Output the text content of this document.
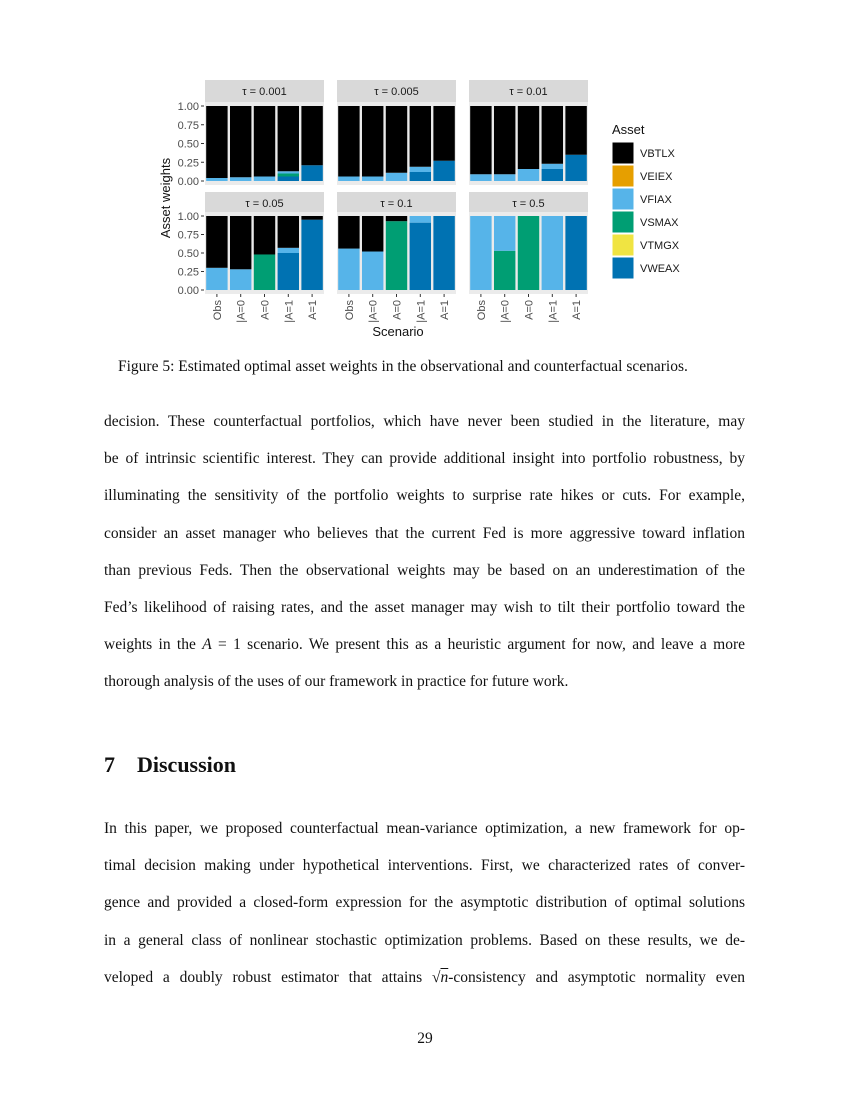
τ = 0.001
0.00
0.25
0.50
0.75
1.00
τ = 0.005	τ = 0.01
τ = 0.05
Obs |A=0 A=0 |A=1 A=1
0.00
0.25
0.50
0.75
1.00
τ = 0.1
Obs |A=0 A=0 |A=1 A=1
τ = 0.5
Obs |A=0 A=0 |A=1 A=1
Scenario
Asset weights
Asset
VBTLX
VEIEX
VFIAX
VSMAX
VTMGX
VWEAX
Figure 5: Estimated optimal asset weights in the observational and counterfactual scenarios.
decision. These counterfactual portfolios, which have never been studied in the literature, may
be of intrinsic scientific interest. They can provide additional insight into portfolio robustness, by
illuminating the sensitivity of the portfolio weights to surprise rate hikes or cuts. For example,
consider an asset manager who believes that the current Fed is more aggressive toward inflation
than previous Feds. Then the observational weights may be based on an underestimation of the
Fed’s likelihood of raising rates, and the asset manager may wish to tilt their portfolio toward the
weights in the A = 1 scenario. We present this as a heuristic argument for now, and leave a more
thorough analysis of the uses of our framework in practice for future work.
7 Discussion
In this paper, we proposed counterfactual mean-variance optimization, a new framework for op-
timal decision making under hypothetical interventions. First, we characterized rates of conver-
gence and provided a closed-form expression for the asymptotic distribution of optimal solutions
in a general class of nonlinear stochastic optimization problems. Based on these results, we de-
veloped a doubly robust estimator that attains √n-consistency and asymptotic normality even
29
